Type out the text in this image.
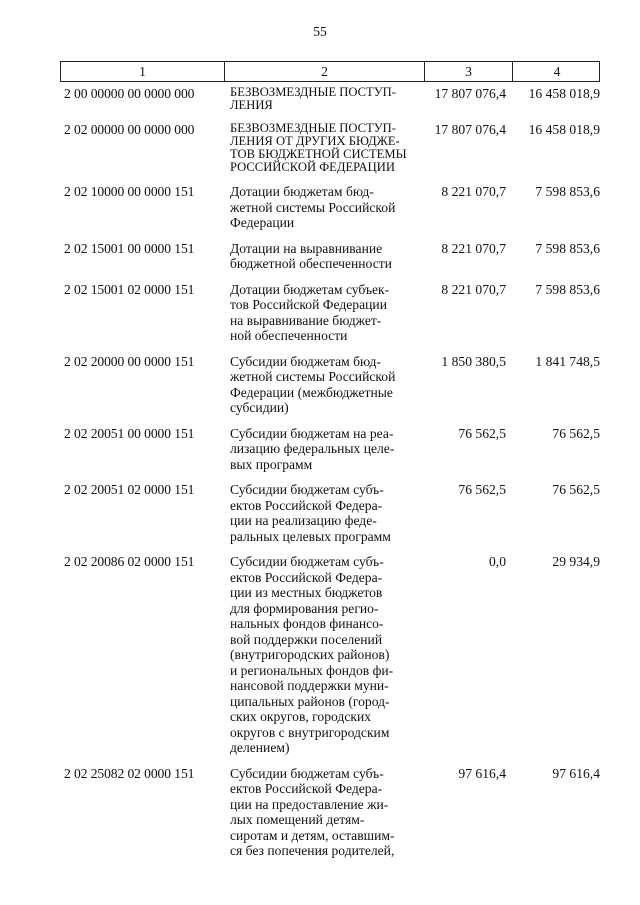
55
1	2	3	4
2 00 00000 00 0000 000	БЕЗВОЗМЕЗДНЫЕ ПОСТУП-
ЛЕНИЯ
17 807 076,4	16 458 018,9
2 02 00000 00 0000 000	БЕЗВОЗМЕЗДНЫЕ ПОСТУП-
ЛЕНИЯ ОТ ДРУГИХ БЮДЖЕ-
ТОВ БЮДЖЕТНОЙ СИСТЕМЫ
РОССИЙСКОЙ ФЕДЕРАЦИИ
17 807 076,4	16 458 018,9
2 02 10000 00 0000 151	Дотации бюджетам бюд-
жетной системы Российской
Федерации
8 221 070,7	7 598 853,6
2 02 15001 00 0000 151	Дотации на выравнивание
бюджетной обеспеченности
8 221 070,7	7 598 853,6
2 02 15001 02 0000 151	Дотации бюджетам субъек-
тов Российской Федерации
на выравнивание бюджет-
ной обеспеченности
8 221 070,7	7 598 853,6
2 02 20000 00 0000 151	Субсидии бюджетам бюд-
жетной системы Российской
Федерации (межбюджетные
субсидии)
1 850 380,5	1 841 748,5
2 02 20051 00 0000 151	Субсидии бюджетам на реа-
лизацию федеральных целе-
вых программ
76 562,5	76 562,5
2 02 20051 02 0000 151	Субсидии бюджетам субъ-
ектов Российской Федера-
ции на реализацию феде-
ральных целевых программ
76 562,5	76 562,5
2 02 20086 02 0000 151	Субсидии бюджетам субъ-
ектов Российской Федера-
ции из местных бюджетов
для формирования регио-
нальных фондов финансо-
вой поддержки поселений
(внутригородских районов)
и региональных фондов фи-
нансовой поддержки муни-
ципальных районов (город-
ских округов, городских
округов с внутригородским
делением)
0,0	29 934,9
2 02 25082 02 0000 151	Субсидии бюджетам субъ-
ектов Российской Федера-
ции на предоставление жи-
лых помещений детям-
сиротам и детям, оставшим-
ся без попечения родителей,
97 616,4	97 616,4
